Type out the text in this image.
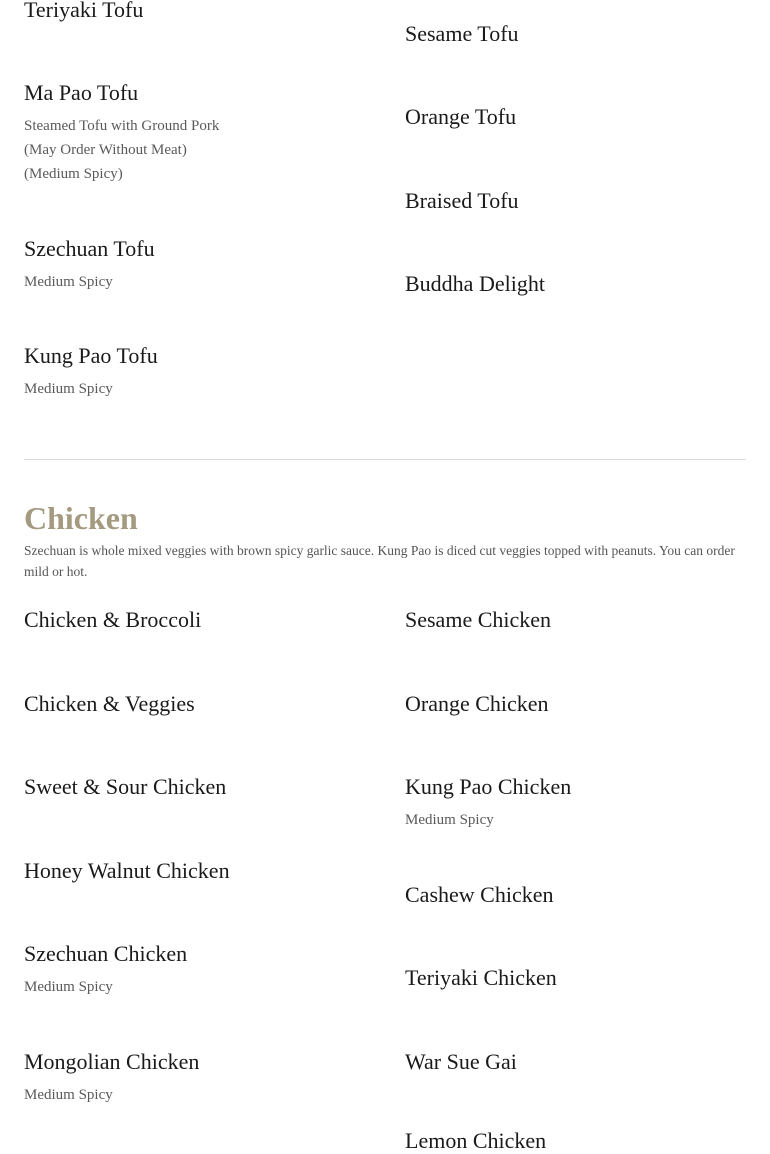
Teriyaki Tofu
Ma Pao Tofu
Steamed Tofu with Ground Pork
(May Order Without Meat)
(Medium Spicy)
Szechuan Tofu
Medium Spicy
Kung Pao Tofu
Medium Spicy
Sesame Tofu
Orange Tofu
Braised Tofu
Buddha Delight
Chicken
Szechuan is whole mixed veggies with brown spicy garlic sauce. Kung Pao is diced cut veggies topped with peanuts. You can order mild or hot.
Chicken & Broccoli
Chicken & Veggies
Sweet & Sour Chicken
Honey Walnut Chicken
Szechuan Chicken
Medium Spicy
Mongolian Chicken
Medium Spicy
Sesame Chicken
Orange Chicken
Kung Pao Chicken
Medium Spicy
Cashew Chicken
Teriyaki Chicken
War Sue Gai
Lemon Chicken
